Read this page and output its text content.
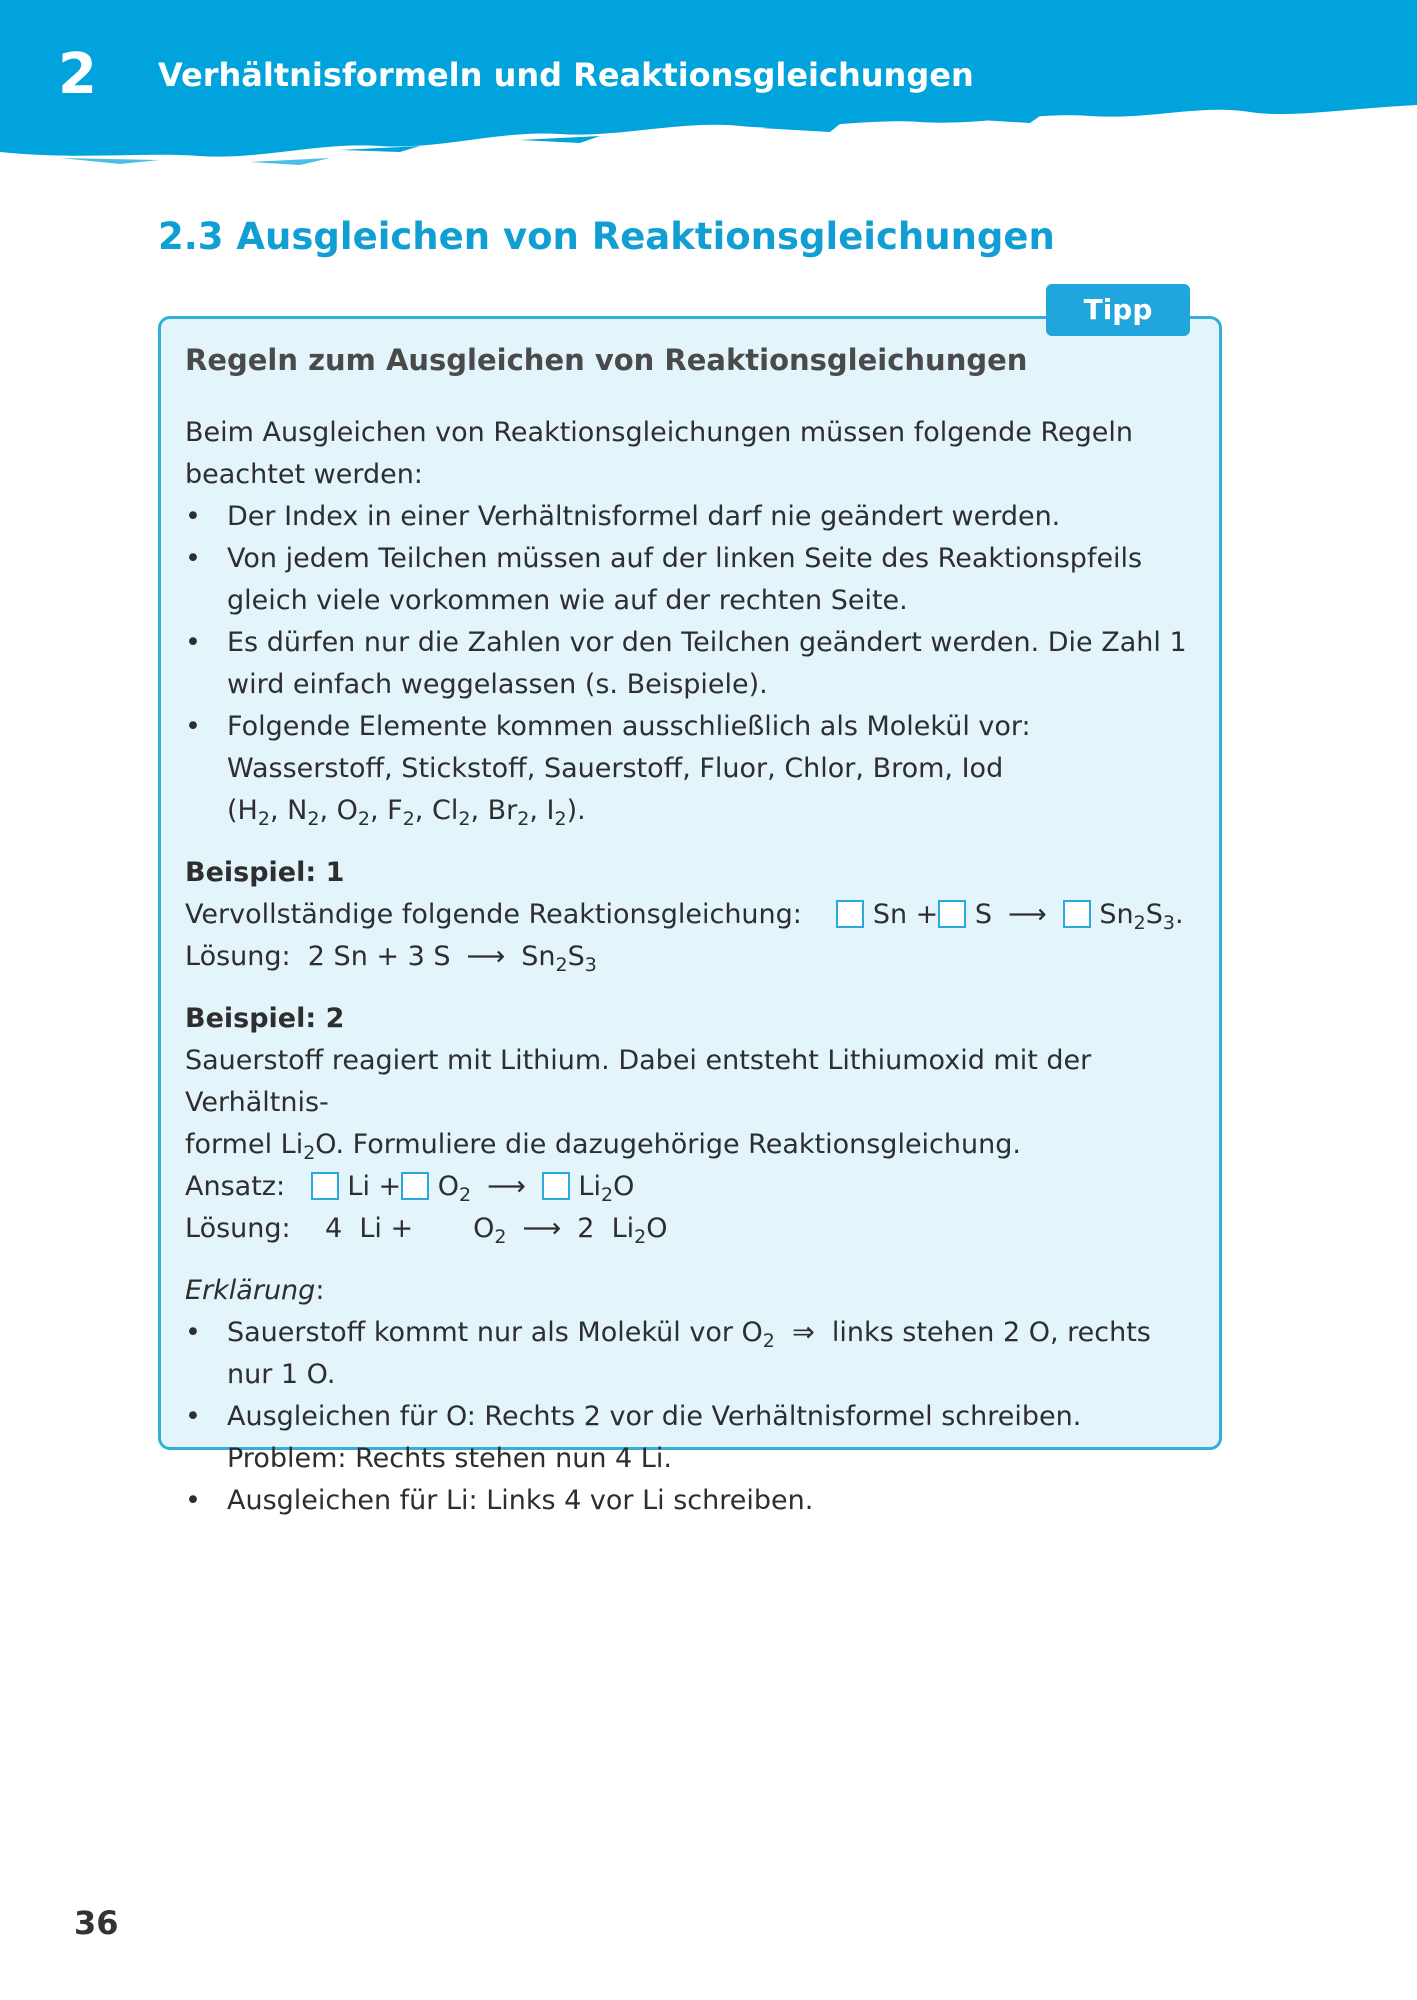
2 Verhältnisformeln und Reaktionsgleichungen
2.3 Ausgleichen von Reaktionsgleichungen
Tipp
Regeln zum Ausgleichen von Reaktionsgleichungen

Beim Ausgleichen von Reaktionsgleichungen müssen folgende Regeln beachtet werden:

• Der Index in einer Verhältnisformel darf nie geändert werden.
• Von jedem Teilchen müssen auf der linken Seite des Reaktionspfeils gleich viele vorkommen wie auf der rechten Seite.
• Es dürfen nur die Zahlen vor den Teilchen geändert werden. Die Zahl 1 wird einfach weggelassen (s. Beispiele).
• Folgende Elemente kommen ausschließlich als Molekül vor: Wasserstoff, Stickstoff, Sauerstoff, Fluor, Chlor, Brom, Iod
($H_2$, $N_2$, $O_2$, $F_2$, $Cl_2$, $Br_2$, $I_2$).

Beispiel: 1

Vervollständige folgende Reaktionsgleichung:	Sn + S ⟶ $Sn_2S_3$.

Lösung: 2 Sn + 3 S ⟶ $Sn_2S_3$

Beispiel: 2

Sauerstoff reagiert mit Lithium. Dabei entsteht Lithiumoxid mit der Verhältnis-
formel $Li_2O$. Formuliere die dazugehörige Reaktionsgleichung.

Ansatz: $Li + O_2$ ⟶ $Li_2O$

Lösung: 4 $Li + O_2$ ⟶ 2 $Li_2O$

Erklärung:

• Sauerstoff kommt nur als Molekül vor $O_2$ ⇒ links stehen 2 O, rechts nur 1 O.
• Ausgleichen für O: Rechts 2 vor die Verhältnisformel schreiben.
Problem: Rechts stehen nun 4 Li.
• Ausgleichen für Li: Links 4 vor Li schreiben.
36
